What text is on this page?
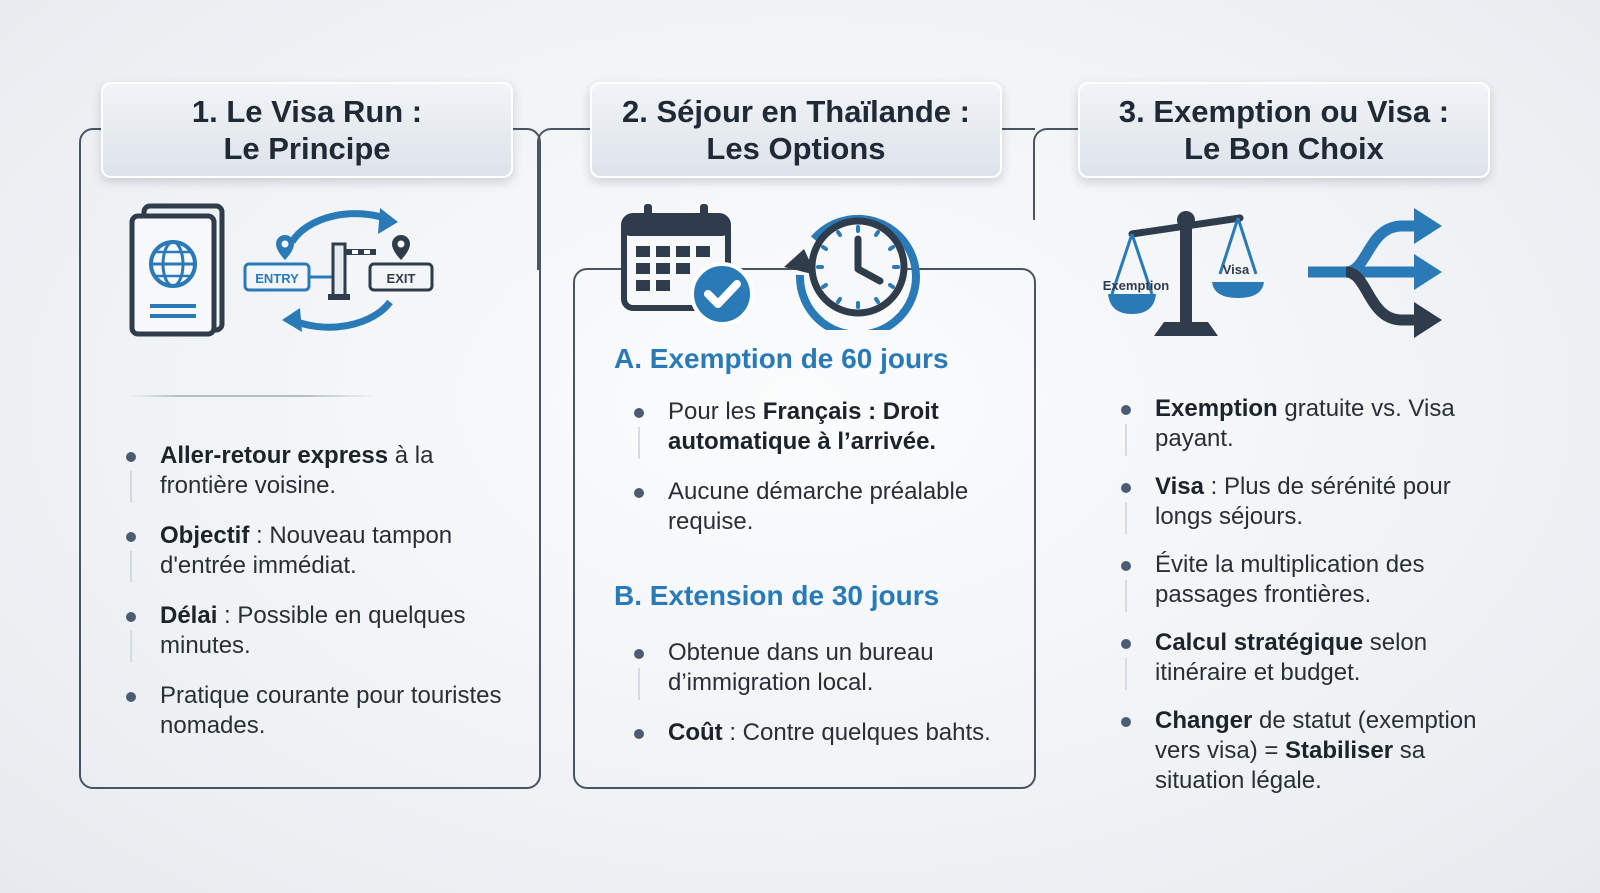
1. Le Visa Run :
Le Principe
ENTRY	EXIT
Aller-retour express à la frontière voisine.
Objectif : Nouveau tampon d'entrée immédiat.
Délai : Possible en quelques minutes.
Pratique courante pour touristes nomades.
2. Séjour en Thaïlande :
Les Options
A. Exemption de 60 jours
Pour les Français : Droit automatique à l’arrivée.
Aucune démarche préalable requise.
B. Extension de 30 jours
Obtenue dans un bureau d’immigration local.
Coût : Contre quelques bahts.
3. Exemption ou Visa :
Le Bon Choix
Exemption
Visa
Exemption gratuite vs. Visa payant.
Visa : Plus de sérénité pour longs séjours.
Évite la multiplication des passages frontières.
Calcul stratégique selon itinéraire et budget.
Changer de statut (exemption vers visa) = Stabiliser sa situation légale.
